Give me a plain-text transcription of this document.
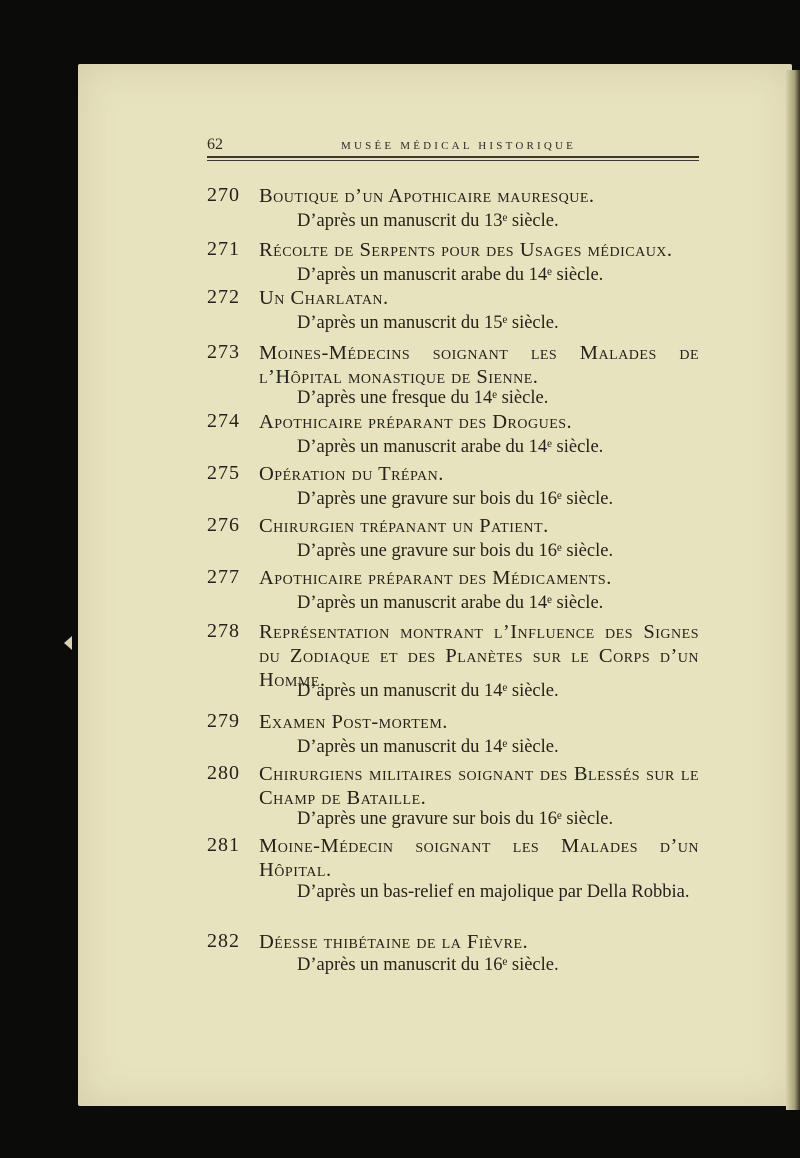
62	MUSÉE MÉDICAL HISTORIQUE
270 Boutique d’un Apothicaire mauresque.
D’après un manuscrit du 13ᵉ siècle.
271 Récolte de Serpents pour des Usages médicaux.
D’après un manuscrit arabe du 14ᵉ siècle.
272 Un Charlatan.
D’après un manuscrit du 15ᵉ siècle.
273 Moines-Médecins soignant les Malades de l’Hôpital monastique de Sienne.
D’après une fresque du 14ᵉ siècle.
274 Apothicaire préparant des Drogues.
D’après un manuscrit arabe du 14ᵉ siècle.
275 Opération du Trépan.
D’après une gravure sur bois du 16ᵉ siècle.
276 Chirurgien trépanant un Patient.
D’après une gravure sur bois du 16ᵉ siècle.
277 Apothicaire préparant des Médicaments.
D’après un manuscrit arabe du 14ᵉ siècle.
278 Représentation montrant l’Influence des Signes du Zodiaque et des Planètes sur le Corps d’un Homme.
D’après un manuscrit du 14ᵉ siècle.
279 Examen Post-mortem.
D’après un manuscrit du 14ᵉ siècle.
280 Chirurgiens militaires soignant des Blessés sur le Champ de Bataille.
D’après une gravure sur bois du 16ᵉ siècle.
281 Moine-Médecin soignant les Malades d’un Hôpital.
D’après un bas-relief en majolique par Della Robbia.
282 Déesse thibétaine de la Fièvre.
D’après un manuscrit du 16ᵉ siècle.
